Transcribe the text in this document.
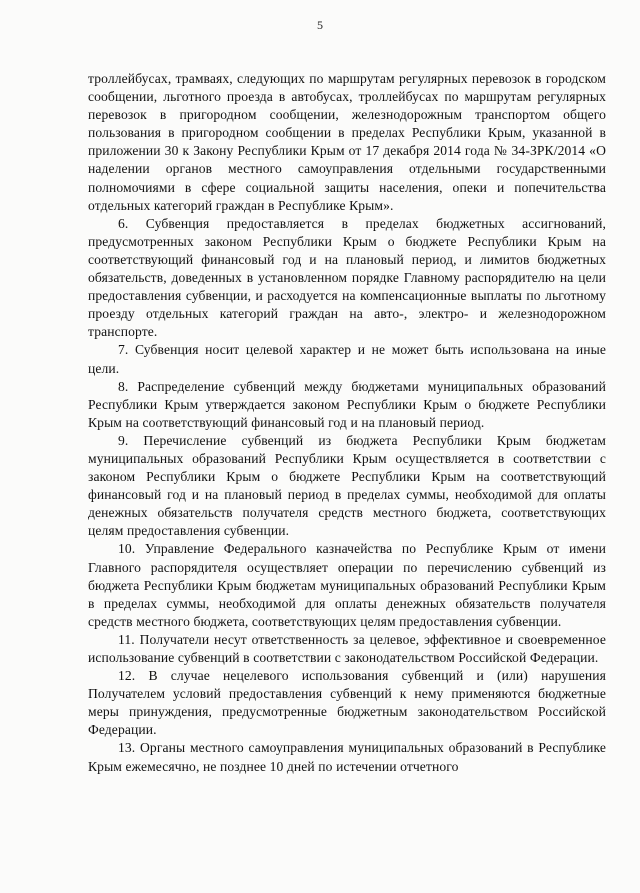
5

троллейбусах, трамваях, следующих по маршрутам регулярных перевозок в городском сообщении, льготного проезда в автобусах, троллейбусах по маршрутам регулярных перевозок в пригородном сообщении, железнодорожным транспортом общего пользования в пригородном сообщении в пределах Республики Крым, указанной в приложении 30 к Закону Республики Крым от 17 декабря 2014 года № 34-ЗРК/2014 «О наделении органов местного самоуправления отдельными государственными полномочиями в сфере социальной защиты населения, опеки и попечительства отдельных категорий граждан в Республике Крым».

6. Субвенция предоставляется в пределах бюджетных ассигнований, предусмотренных законом Республики Крым о бюджете Республики Крым на соответствующий финансовый год и на плановый период, и лимитов бюджетных обязательств, доведенных в установленном порядке Главному распорядителю на цели предоставления субвенции, и расходуется на компенсационные выплаты по льготному проезду отдельных категорий граждан на авто-, электро- и железнодорожном транспорте.

7. Субвенция носит целевой характер и не может быть использована на иные цели.

8. Распределение субвенций между бюджетами муниципальных образований Республики Крым утверждается законом Республики Крым о бюджете Республики Крым на соответствующий финансовый год и на плановый период.

9. Перечисление субвенций из бюджета Республики Крым бюджетам муниципальных образований Республики Крым осуществляется в соответствии с законом Республики Крым о бюджете Республики Крым на соответствующий финансовый год и на плановый период в пределах суммы, необходимой для оплаты денежных обязательств получателя средств местного бюджета, соответствующих целям предоставления субвенции.

10. Управление Федерального казначейства по Республике Крым от имени Главного распорядителя осуществляет операции по перечислению субвенций из бюджета Республики Крым бюджетам муниципальных образований Республики Крым в пределах суммы, необходимой для оплаты денежных обязательств получателя средств местного бюджета, соответствующих целям предоставления субвенции.

11. Получатели несут ответственность за целевое, эффективное и своевременное использование субвенций в соответствии с законодательством Российской Федерации.

12. В случае нецелевого использования субвенций и (или) нарушения Получателем условий предоставления субвенций к нему применяются бюджетные меры принуждения, предусмотренные бюджетным законодательством Российской Федерации.

13. Органы местного самоуправления муниципальных образований в Республике Крым ежемесячно, не позднее 10 дней по истечении отчетного
